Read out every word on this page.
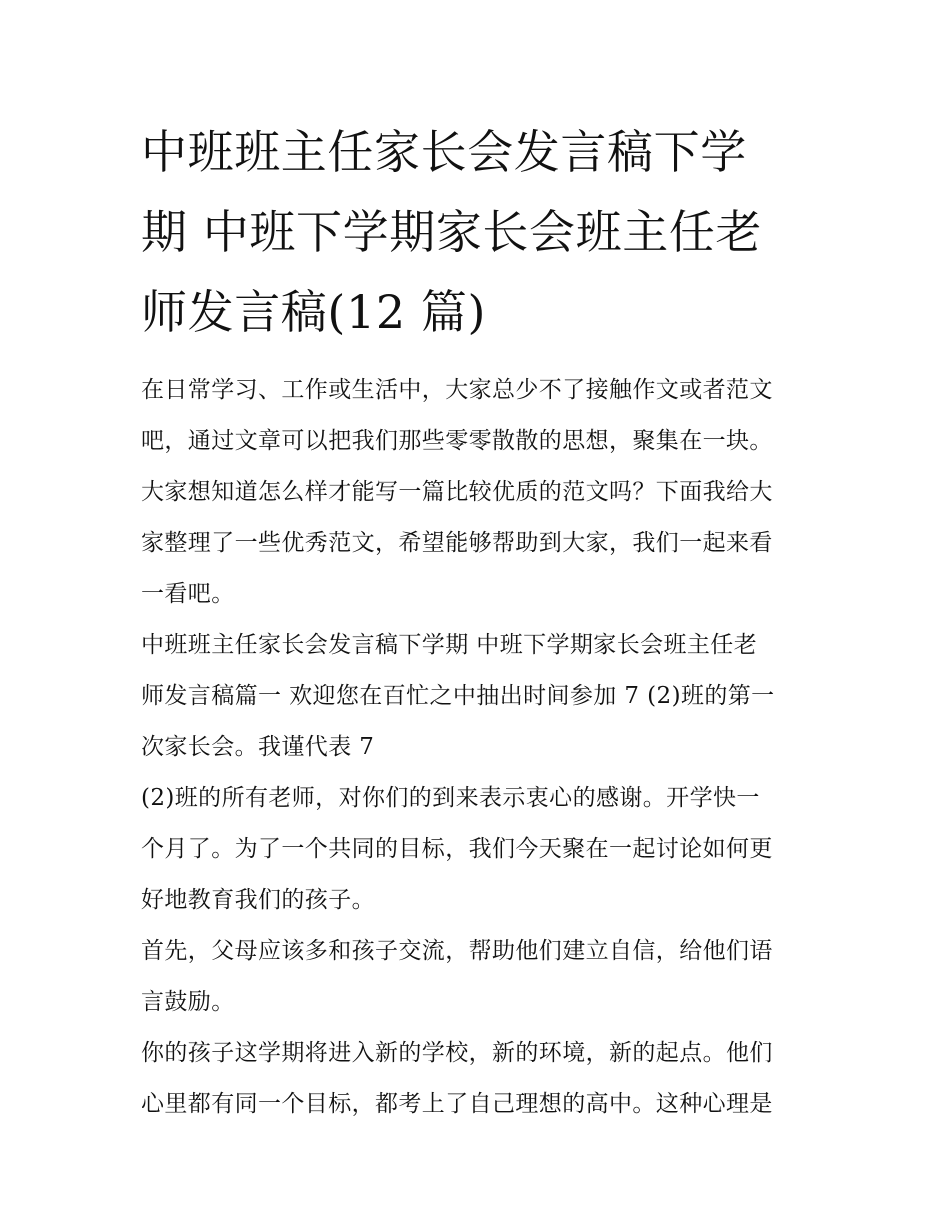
中班班主任家长会发言稿下学
期 中班下学期家长会班主任老
师发言稿(12 篇)

在日常学习、工作或生活中，大家总少不了接触作文或者范文
吧，通过文章可以把我们那些零零散散的思想，聚集在一块。
大家想知道怎么样才能写一篇比较优质的范文吗？下面我给大
家整理了一些优秀范文，希望能够帮助到大家，我们一起来看
一看吧。

中班班主任家长会发言稿下学期 中班下学期家长会班主任老
师发言稿篇一 欢迎您在百忙之中抽出时间参加 7 (2)班的第一
次家长会。我谨代表 7

(2)班的所有老师，对你们的到来表示衷心的感谢。开学快一
个月了。为了一个共同的目标，我们今天聚在一起讨论如何更
好地教育我们的孩子。

首先，父母应该多和孩子交流，帮助他们建立自信，给他们语
言鼓励。

你的孩子这学期将进入新的学校，新的环境，新的起点。他们
心里都有同一个目标，都考上了自己理想的高中。这种心理是
